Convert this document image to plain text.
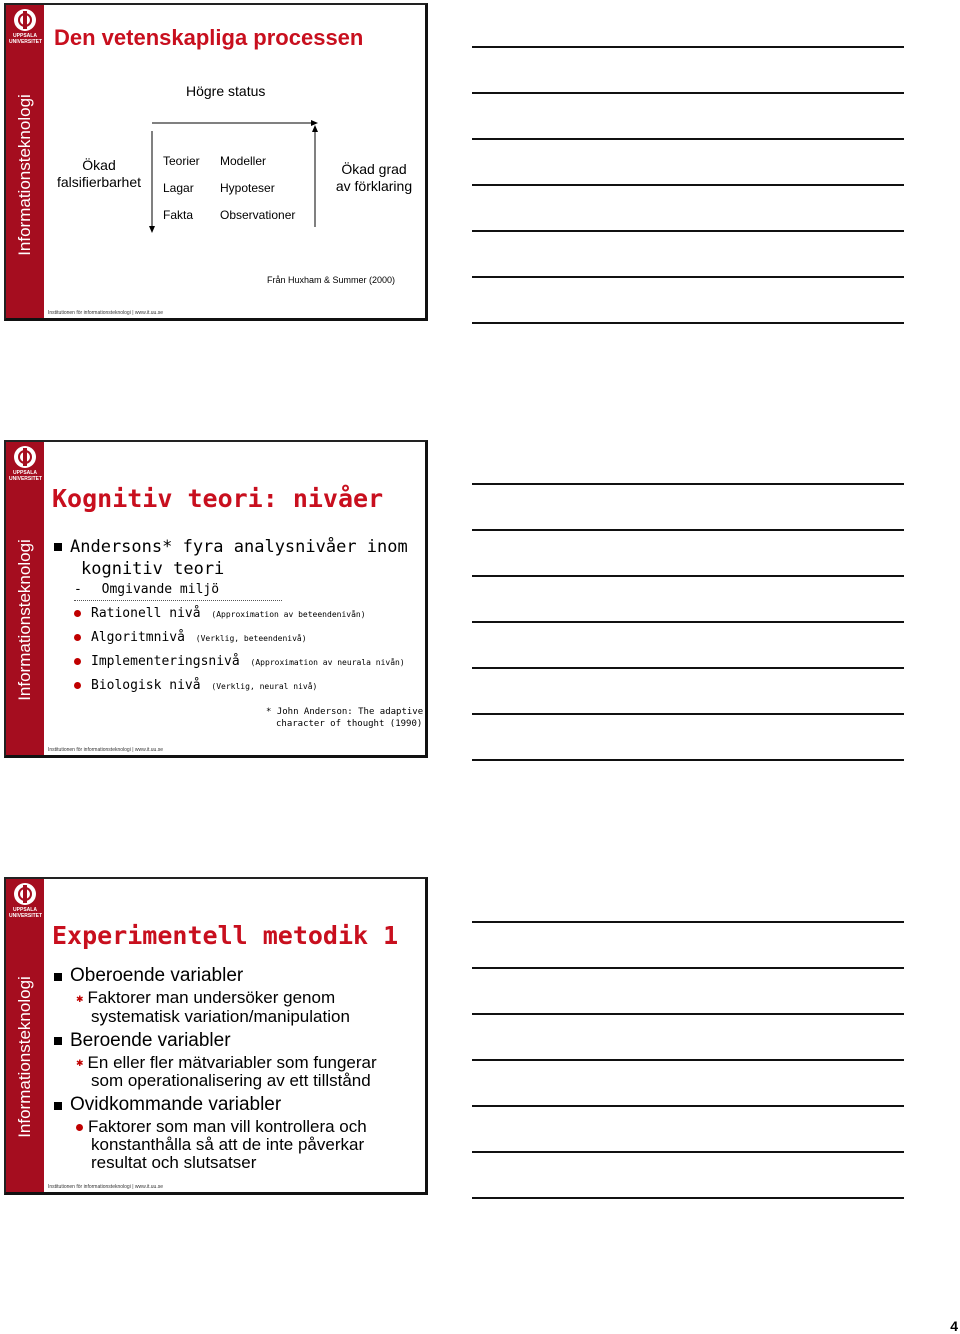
UPPSALA
UNIVERSITET
Informationsteknologi
Den vetenskapliga processen
Högre status
Ökad
falsifierbarhet
Teorier
Lagar
Fakta
Modeller
Hypoteser
Observationer
Ökad grad
av förklaring
Från Huxham & Summer (2000)
Institutionen för informationsteknologi | www.it.uu.se
UPPSALA
UNIVERSITET
Informationsteknologi
Kognitiv teori: nivåer
Andersons* fyra analysnivåer inom
kognitiv teori
- Omgivande miljö
Rationell nivå (Approximation av beteendenivån)
Algoritmnivå (Verklig, beteendenivå)
Implementeringsnivå (Approximation av neurala nivån)
Biologisk nivå (Verklig, neural nivå)
* John Anderson: The adaptive
character of thought (1990)
Institutionen för informationsteknologi | www.it.uu.se
UPPSALA
UNIVERSITET
Informationsteknologi
Experimentell metodik 1
Oberoende variabler
✱ Faktorer man undersöker genom
systematisk variation/manipulation
Beroende variabler
✱ En eller fler mätvariabler som fungerar
som operationalisering av ett tillstånd
Ovidkommande variabler
Faktorer som man vill kontrollera och
konstanthålla så att de inte påverkar
resultat och slutsatser
Institutionen för informationsteknologi | www.it.uu.se
4
